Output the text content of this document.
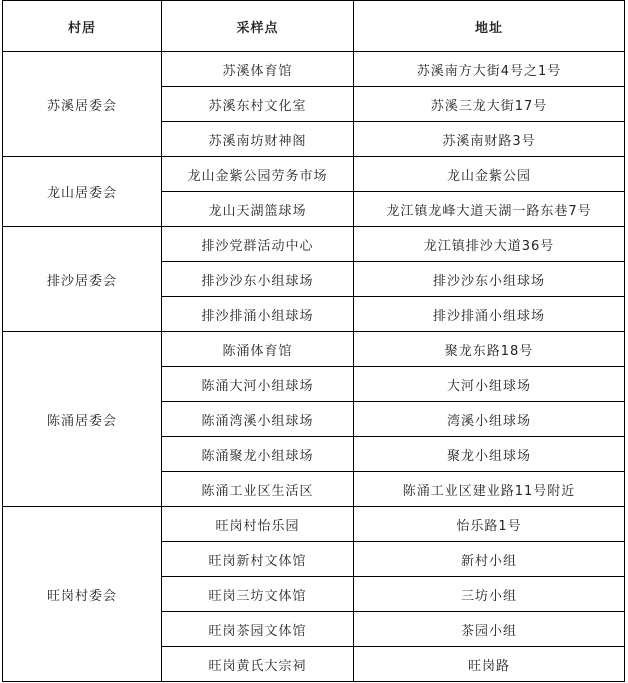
村居	采样点	地址
苏溪居委会	苏溪体育馆	苏溪南方大街4号之1号
	苏溪东村文化室	苏溪三龙大街17号
	苏溪南坊财神阁	苏溪南财路3号
龙山居委会	龙山金紫公园劳务市场	龙山金紫公园
	龙山天湖篮球场	龙江镇龙峰大道天湖一路东巷7号
排沙居委会	排沙党群活动中心	龙江镇排沙大道36号
	排沙沙东小组球场	排沙沙东小组球场
	排沙排涌小组球场	排沙排涌小组球场
陈涌居委会	陈涌体育馆	聚龙东路18号
	陈涌大河小组球场	大河小组球场
	陈涌湾溪小组球场	湾溪小组球场
	陈涌聚龙小组球场	聚龙小组球场
	陈涌工业区生活区	陈涌工业区建业路11号附近
旺岗村委会	旺岗村怡乐园	怡乐路1号
	旺岗新村文体馆	新村小组
	旺岗三坊文体馆	三坊小组
	旺岗茶园文体馆	茶园小组
	旺岗黄氏大宗祠	旺岗路
